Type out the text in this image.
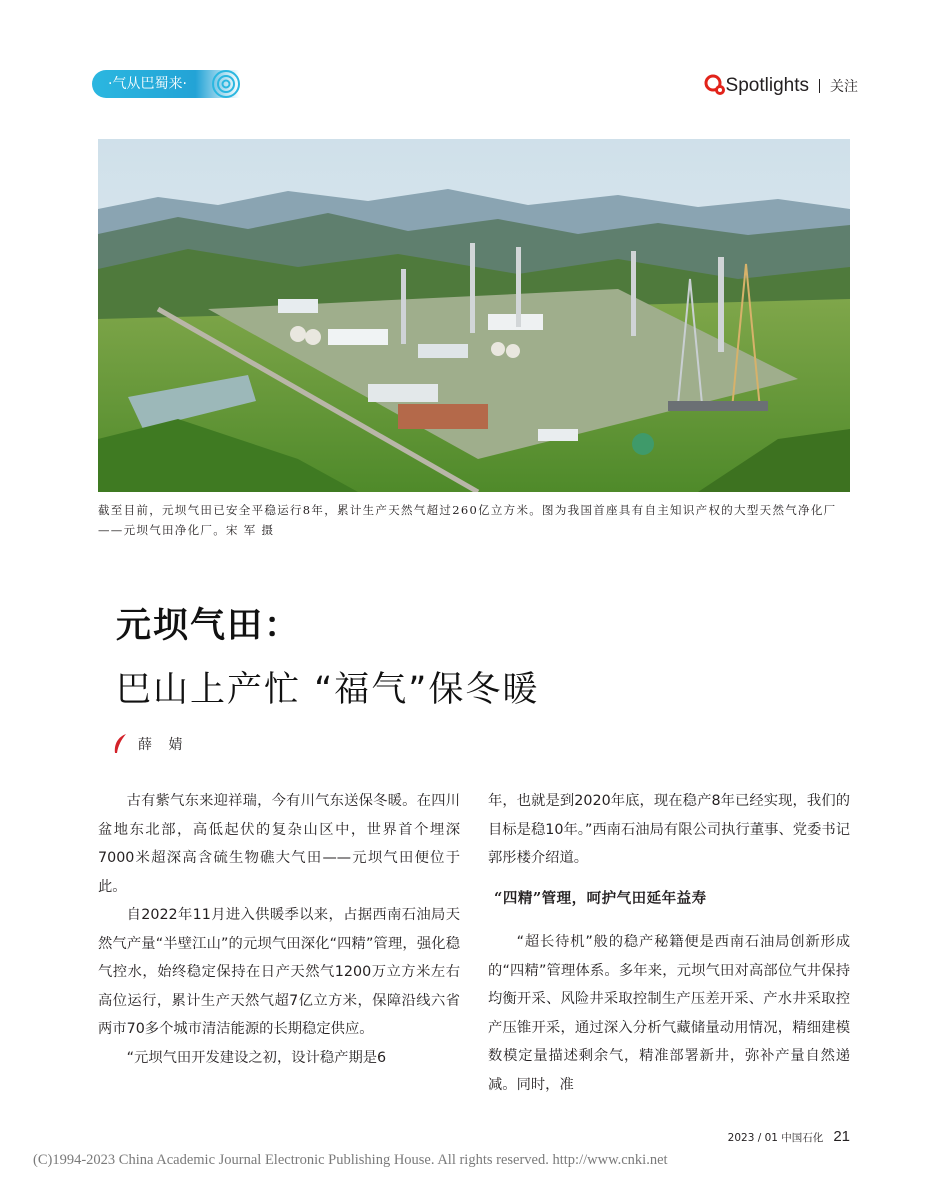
·气从巴蜀来·	Spotlights 关注
截至目前，元坝气田已安全平稳运行8年，累计生产天然气超过260亿立方米。图为我国首座具有自主知识产权的大型天然气净化厂——元坝气田净化厂。宋 军 摄
元坝气田：
巴山上产忙 “福气”保冬暖
薛 婧

古有紫气东来迎祥瑞，今有川气东送保冬暖。在四川盆地东北部，高低起伏的复杂山区中，世界首个埋深7000米超深高含硫生物礁大气田——元坝气田便位于此。

自2022年11月进入供暖季以来，占据西南石油局天然气产量“半壁江山”的元坝气田深化“四精”管理，强化稳气控水，始终稳定保持在日产天然气1200万立方米左右高位运行，累计生产天然气超7亿立方米，保障沿线六省两市70多个城市清洁能源的长期稳定供应。

“元坝气田开发建设之初，设计稳产期是6

年，也就是到2020年底，现在稳产8年已经实现，我们的目标是稳10年。”西南石油局有限公司执行董事、党委书记郭彤楼介绍道。

“四精”管理，呵护气田延年益寿

“超长待机”般的稳产秘籍便是西南石油局创新形成的“四精”管理体系。多年来，元坝气田对高部位气井保持均衡开采、风险井采取控制生产压差开采、产水井采取控产压锥开采，通过深入分析气藏储量动用情况，精细建模数模定量描述剩余气，精准部署新井，弥补产量自然递减。同时，准

2023 / 01 中国石化 21
(C)1994-2023 China Academic Journal Electronic Publishing House. All rights reserved. http://www.cnki.net
